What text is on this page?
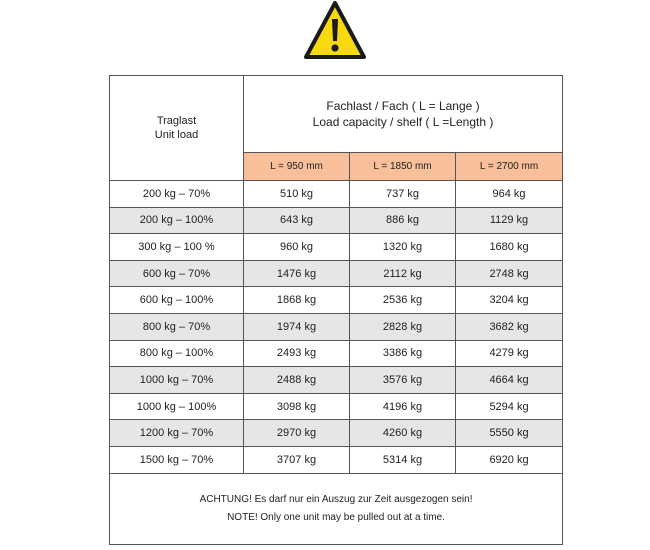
Traglast
Unit load	Fachlast / Fach ( L = Lange )
Load capacity / shelf ( L =Length )		

	L = 950 mm	L = 1850 mm	L = 2700 mm
200 kg – 70%	510 kg	737 kg	964 kg
200 kg – 100%	643 kg	886 kg	1129 kg
300 kg – 100 %	960 kg	1320 kg	1680 kg
600 kg – 70%	1476 kg	2112 kg	2748 kg
600 kg – 100%	1868 kg	2536 kg	3204 kg
800 kg – 70%	1974 kg	2828 kg	3682 kg
800 kg – 100%	2493 kg	3386 kg	4279 kg
1000 kg – 70%	2488 kg	3576 kg	4664 kg
1000 kg – 100%	3098 kg	4196 kg	5294 kg
1200 kg – 70%	2970 kg	4260 kg	5550 kg
1500 kg – 70%	3707 kg	5314 kg	6920 kg

ACHTUNG! Es darf nur ein Auszug zur Zeit ausgezogen sein!
NOTE! Only one unit may be pulled out at a time.			
